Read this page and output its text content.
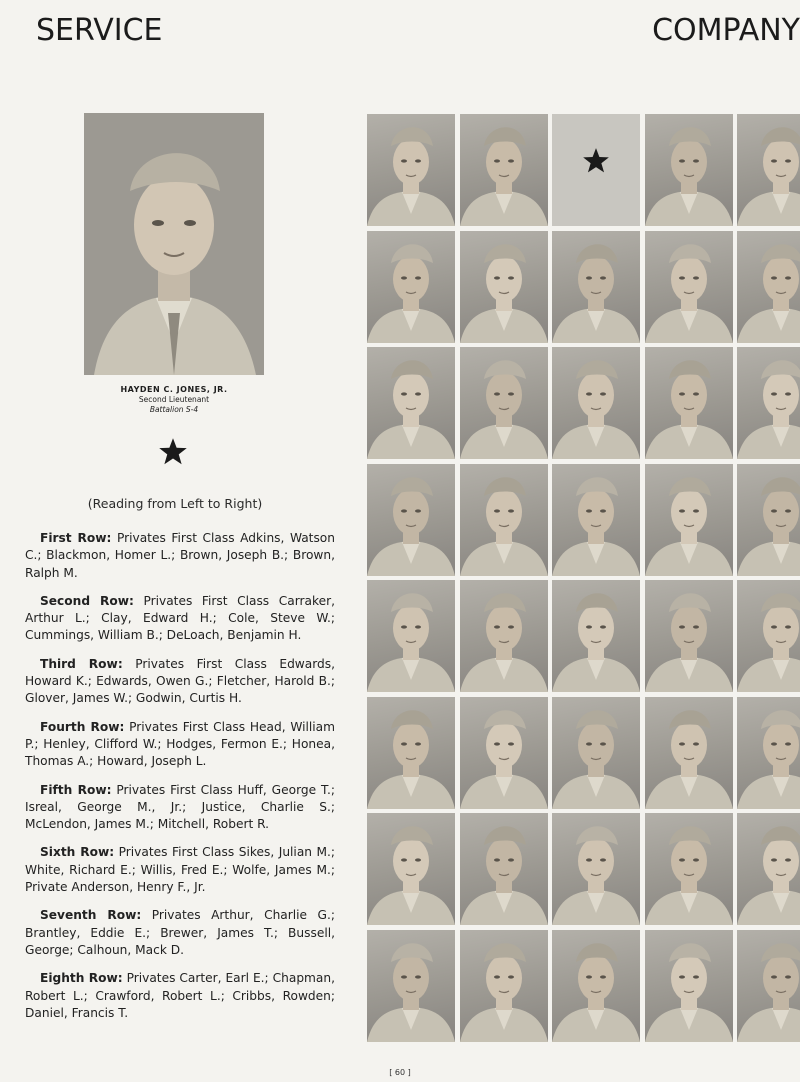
SERVICE	COMPANY
HAYDEN C. JONES, JR.
Second Lieutenant
Battalion S-4
(Reading from Left to Right)

First Row: Privates First Class Adkins, Watson C.; Blackmon, Homer L.; Brown, Joseph B.; Brown, Ralph M.

Second Row: Privates First Class Carraker, Arthur L.; Clay, Edward H.; Cole, Steve W.; Cummings, William B.; DeLoach, Benjamin H.

Third Row: Privates First Class Edwards, Howard K.; Edwards, Owen G.; Fletcher, Harold B.; Glover, James W.; Godwin, Curtis H.

Fourth Row: Privates First Class Head, William P.; Henley, Clifford W.; Hodges, Fermon E.; Honea, Thomas A.; Howard, Joseph L.

Fifth Row: Privates First Class Huff, George T.; Isreal, George M., Jr.; Justice, Charlie S.; McLendon, James M.; Mitchell, Robert R.

Sixth Row: Privates First Class Sikes, Julian M.; White, Richard E.; Willis, Fred E.; Wolfe, James M.; Private Anderson, Henry F., Jr.

Seventh Row: Privates Arthur, Charlie G.; Brantley, Eddie E.; Brewer, James T.; Bussell, George; Calhoun, Mack D.

Eighth Row: Privates Carter, Earl E.; Chapman, Robert L.; Crawford, Robert L.; Cribbs, Rowden; Daniel, Francis T.

[ 60 ]
